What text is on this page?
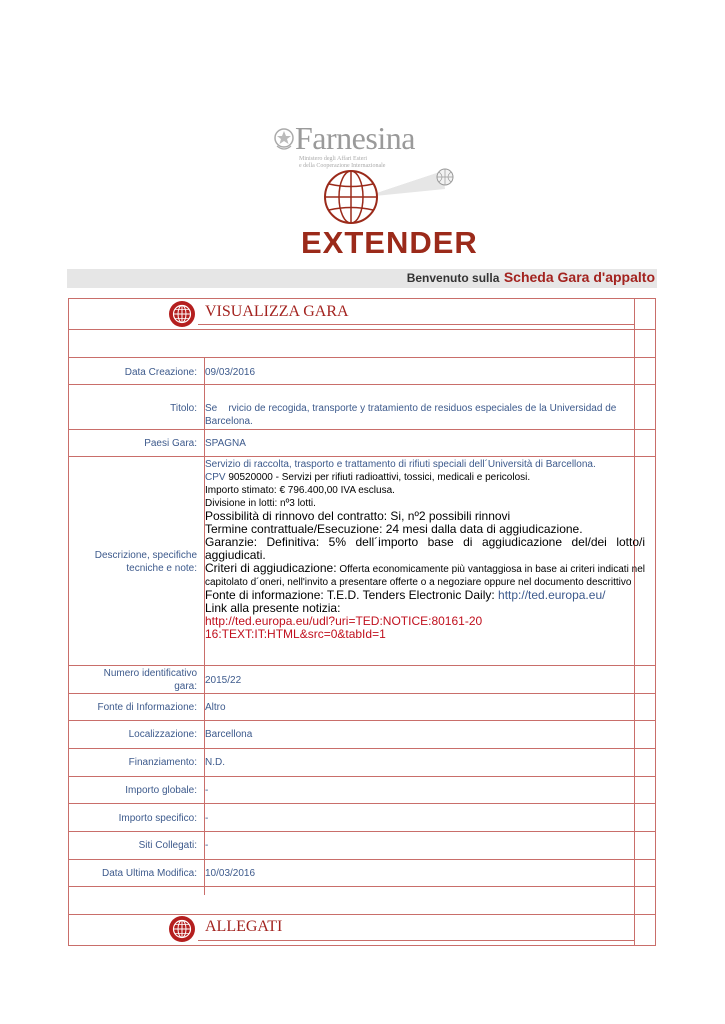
Farnesina
Ministero degli Affari Esteri
e della Cooperazione Internazionale
EXTENDER
Benvenuto sulla Scheda Gara d'appalto
VISUALIZZA GARA
Data Creazione: 09/03/2016
Titolo: Se    rvicio de recogida, transporte y tratamiento de residuos especiales de la Universidad de Barcelona.
Paesi Gara: SPAGNA
Descrizione, specifiche
tecniche e note:

Servizio di raccolta, trasporto e trattamento di rifiuti speciali dell´Università di Barcellona.

CPV 90520000 - Servizi per rifiuti radioattivi, tossici, medicali e pericolosi.

Importo stimato: € 796.400,00 IVA esclusa.

Divisione in lotti: nº3 lotti.

Possibilità di rinnovo del contratto: Si, nº2 possibili rinnovi

Termine contrattuale/Esecuzione: 24 mesi dalla data di aggiudicazione.

Garanzie: Definitiva: 5% dell´importo base di aggiudicazione del/dei lotto/i aggiudicati.

Criteri di aggiudicazione: Offerta economicamente più vantaggiosa in base ai criteri indicati nel capitolato d´oneri, nell'invito a presentare offerte o a negoziare oppure nel documento descrittivo

Fonte di informazione: T.E.D. Tenders Electronic Daily: http://ted.europa.eu/

Link alla presente notizia:

http://ted.europa.eu/udl?uri=TED:NOTICE:80161-2016:TEXT:IT:HTML&src=0&tabId=1

Numero identificativo
gara:
2015/22
Fonte di Informazione: Altro
Localizzazione: Barcellona
Finanziamento: N.D.
Importo globale: -
Importo specifico: -
Siti Collegati: -
Data Ultima Modifica: 10/03/2016
ALLEGATI
